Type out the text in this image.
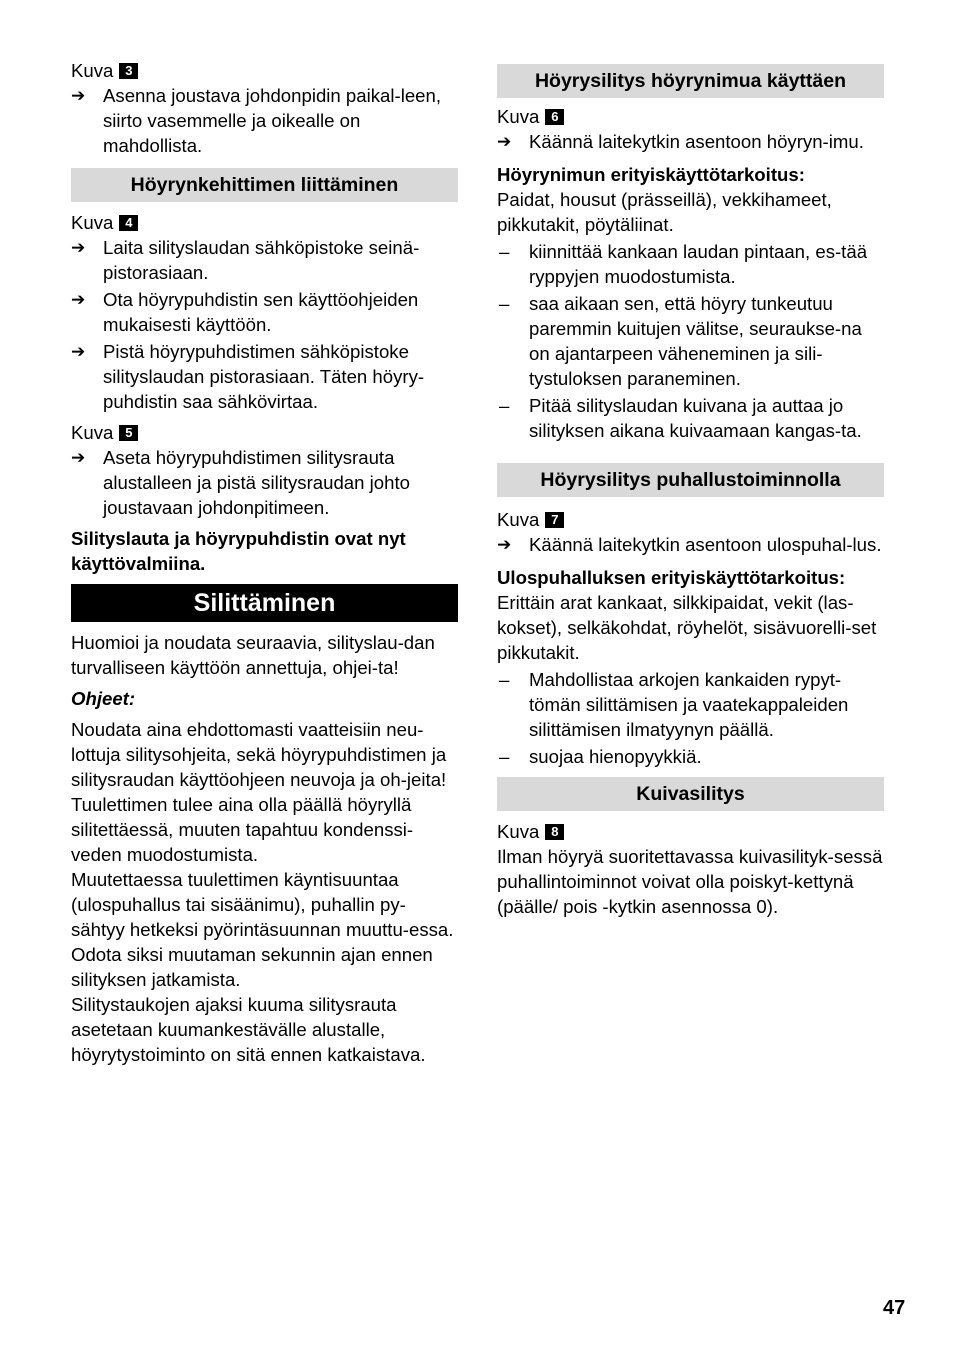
Kuva 3
➔ Asenna joustava johdonpidin paikal-leen, siirto vasemmelle ja oikealle on mahdollista.
Höyrynkehittimen liittäminen
Kuva 4
➔ Laita silityslaudan sähköpistoke seinä-pistorasiaan.
➔ Ota höyrypuhdistin sen käyttöohjeiden mukaisesti käyttöön.
➔ Pistä höyrypuhdistimen sähköpistoke silityslaudan pistorasiaan. Täten höyry-puhdistin saa sähkövirtaa.
Kuva 5
➔ Aseta höyrypuhdistimen silitysrauta alustalleen ja pistä silitysraudan johto joustavaan johdonpitimeen.

Silityslauta ja höyrypuhdistin ovat nyt käyttövalmiina.

Silittäminen

Huomioi ja noudata seuraavia, silityslau-dan turvalliseen käyttöön annettuja, ohjei-ta!

Ohjeet:

Noudata aina ehdottomasti vaatteisiin neu-lottuja silitysohjeita, sekä höyrypuhdistimen ja silitysraudan käyttöohjeen neuvoja ja oh-jeita!

Tuulettimen tulee aina olla päällä höyryllä silitettäessä, muuten tapahtuu kondenssi-veden muodostumista.

Muutettaessa tuulettimen käyntisuuntaa (ulospuhallus tai sisäänimu), puhallin py-sähtyy hetkeksi pyörintäsuunnan muuttu-essa. Odota siksi muutaman sekunnin ajan ennen silityksen jatkamista.

Silitystaukojen ajaksi kuuma silitysrauta asetetaan kuumankestävälle alustalle, höyrytystoiminto on sitä ennen katkaistava.

Höyrysilitys höyrynimua käyttäen
Kuva 6
➔ Käännä laitekytkin asentoon höyryn-imu.

Höyrynimun erityiskäyttötarkoitus:

Paidat, housut (prässeillä), vekkihameet, pikkutakit, pöytäliinat.

–	kiinnittää kankaan laudan pintaan, es-tää ryppyjen muodostumista.
–	saa aikaan sen, että höyry tunkeutuu paremmin kuitujen välitse, seuraukse-na on ajantarpeen väheneminen ja sili-tystuloksen paraneminen.
–	Pitää silityslaudan kuivana ja auttaa jo silityksen aikana kuivaamaan kangas-ta.
Höyrysilitys puhallustoiminnolla
Kuva 7
➔ Käännä laitekytkin asentoon ulospuhal-lus.

Ulospuhalluksen erityiskäyttötarkoitus:

Erittäin arat kankaat, silkkipaidat, vekit (las-kokset), selkäkohdat, röyhelöt, sisävuorelli-set pikkutakit.

–	Mahdollistaa arkojen kankaiden rypyt-tömän silittämisen ja vaatekappaleiden silittämisen ilmatyynyn päällä.
–	suojaa hienopyykkiä.
Kuivasilitys
Kuva 8

Ilman höyryä suoritettavassa kuivasilityk-sessä puhallintoiminnot voivat olla poiskyt-kettynä (päälle/ pois -kytkin asennossa 0).

47
